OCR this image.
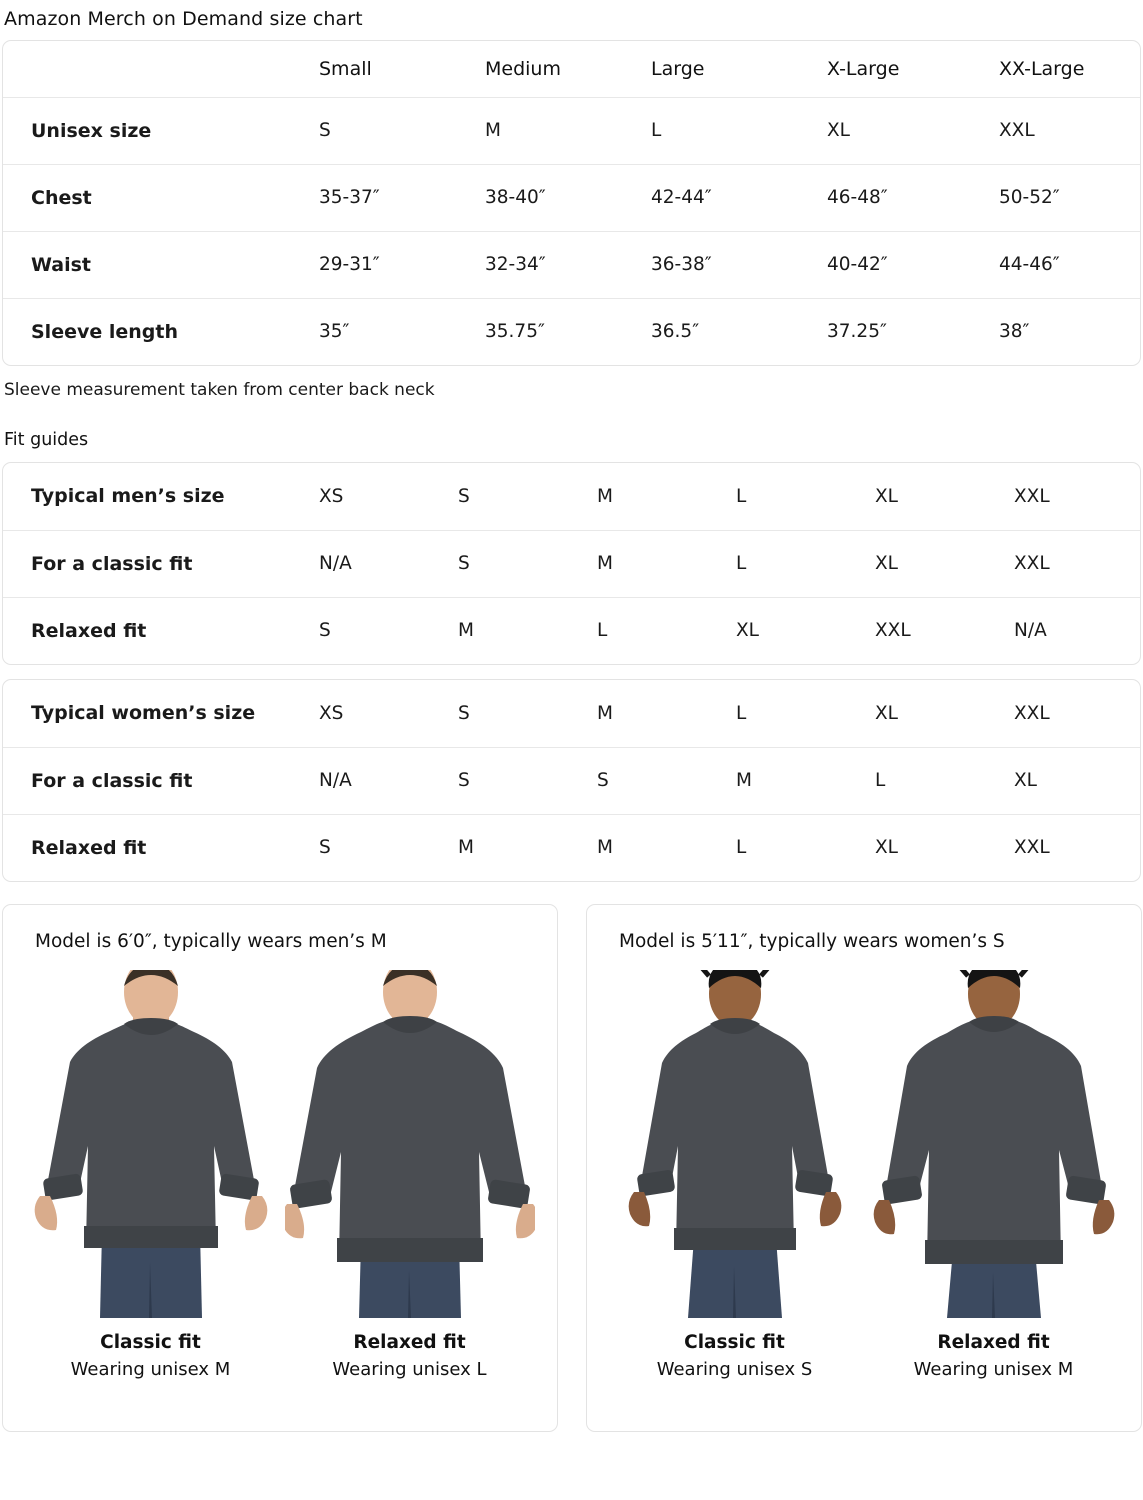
Amazon Merch on Demand size chart
	Small	Medium	Large	X-Large	XX-Large
Unisex size	S	M	L	XL	XXL
Chest	35-37″	38-40″	42-44″	46-48″	50-52″
Waist	29-31″	32-34″	36-38″	40-42″	44-46″
Sleeve length	35″	35.75″	36.5″	37.25″	38″
Sleeve measurement taken from center back neck
Fit guides
Typical men’s size	XS	S	M	L	XL	XXL
For a classic fit	N/A	S	M	L	XL	XXL
Relaxed fit	S	M	L	XL	XXL	N/A
Typical women’s size	XS	S	M	L	XL	XXL
For a classic fit	N/A	S	S	M	L	XL
Relaxed fit	S	M	M	L	XL	XXL
Model is 6′0″, typically wears men’s M
Classic fit
Wearing unisex M
Relaxed fit
Wearing unisex L
Model is 5′11″, typically wears women’s S
Classic fit
Wearing unisex S
Relaxed fit
Wearing unisex M
